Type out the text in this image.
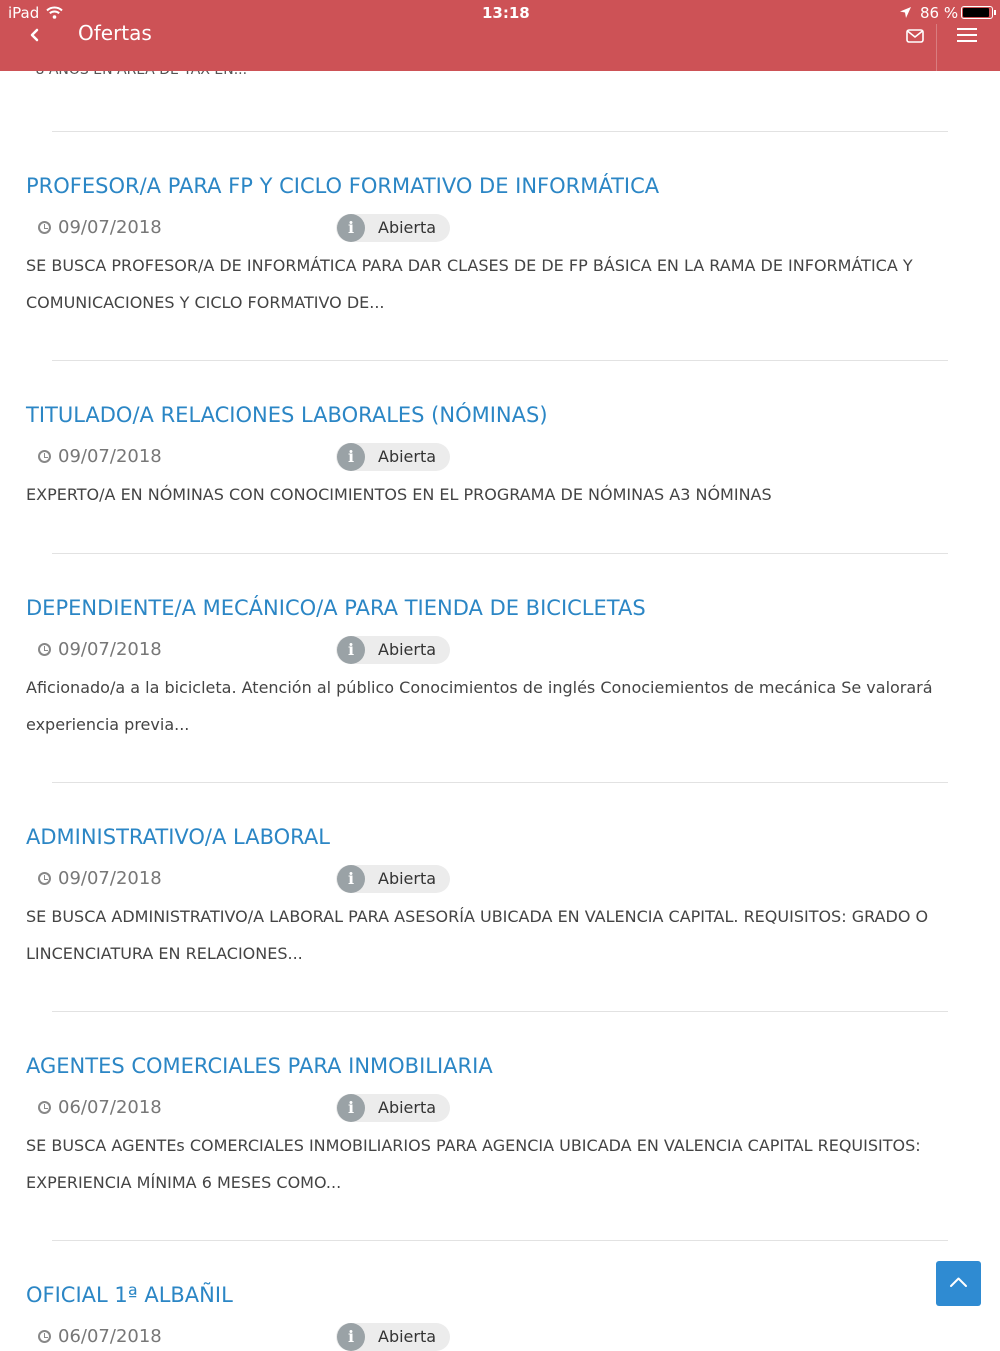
iPad	13:18	86 %
Ofertas
PROFESOR/A PARA FP Y CICLO FORMATIVO DE INFORMÁTICA
09/07/2018	i	Abierta
SE BUSCA PROFESOR/A DE INFORMÁTICA PARA DAR CLASES DE DE FP BÁSICA EN LA RAMA DE INFORMÁTICA Y COMUNICACIONES Y CICLO FORMATIVO DE...
TITULADO/A RELACIONES LABORALES (NÓMINAS)
09/07/2018	i	Abierta
EXPERTO/A EN NÓMINAS CON CONOCIMIENTOS EN EL PROGRAMA DE NÓMINAS A3 NÓMINAS
DEPENDIENTE/A MECÁNICO/A PARA TIENDA DE BICICLETAS
09/07/2018	i	Abierta
Aficionado/a a la bicicleta. Atención al público Conocimientos de inglés Conociemientos de mecánica Se valorará experiencia previa...
ADMINISTRATIVO/A LABORAL
09/07/2018	i	Abierta
SE BUSCA ADMINISTRATIVO/A LABORAL PARA ASESORÍA UBICADA EN VALENCIA CAPITAL. REQUISITOS: GRADO O LINCENCIATURA EN RELACIONES...
AGENTES COMERCIALES PARA INMOBILIARIA
06/07/2018	i	Abierta
SE BUSCA AGENTEs COMERCIALES INMOBILIARIOS PARA AGENCIA UBICADA EN VALENCIA CAPITAL REQUISITOS: EXPERIENCIA MÍNIMA 6 MESES COMO...
OFICIAL 1ª ALBAÑIL
06/07/2018	i	Abierta
